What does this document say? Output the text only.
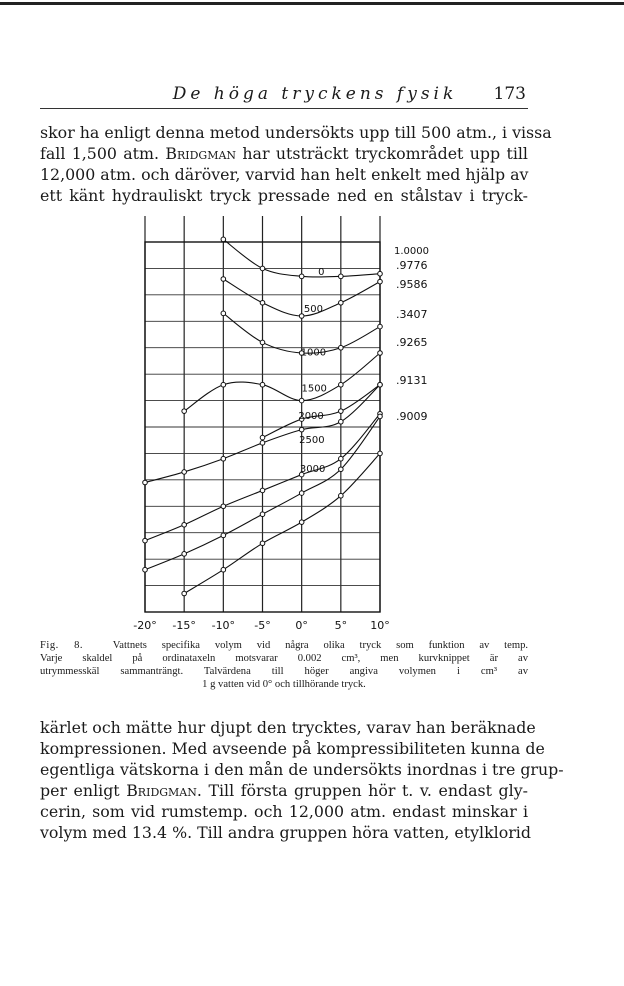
De höga tryckens fysik	173
skor ha enligt denna metod undersökts upp till 500 atm., i vissa
fall 1,500 atm. Bridgman har utsträckt tryckområdet upp till
12,000 atm. och däröver, varvid han helt enkelt med hjälp av
ett känt hydrauliskt tryck pressade ned en stålstav i tryck-
0
500
1000
1500
2000
2500
3000
-20° -15° -10° -5° 0° 5° 10°
1.0000
.9776
.9586
.3407
.9265
.9131
.9009
Fig. 8.	Vattnets specifika volym vid några olika tryck som funktion av temp.
Varje skaldel på ordinataxeln motsvarar 0.002 cm³, men kurvknippet är av
utrymmesskäl sammanträngt. Talvärdena till höger angiva volymen i cm³ av
1 g vatten vid 0° och tillhörande tryck.
kärlet och mätte hur djupt den trycktes, varav han beräknade
kompressionen. Med avseende på kompressibiliteten kunna de
egentliga vätskorna i den mån de undersökts inordnas i tre grup-
per enligt Bridgman. Till första gruppen hör t. v. endast gly-
cerin, som vid rumstemp. och 12,000 atm. endast minskar i
volym med 13.4 %. Till andra gruppen höra vatten, etylklorid
